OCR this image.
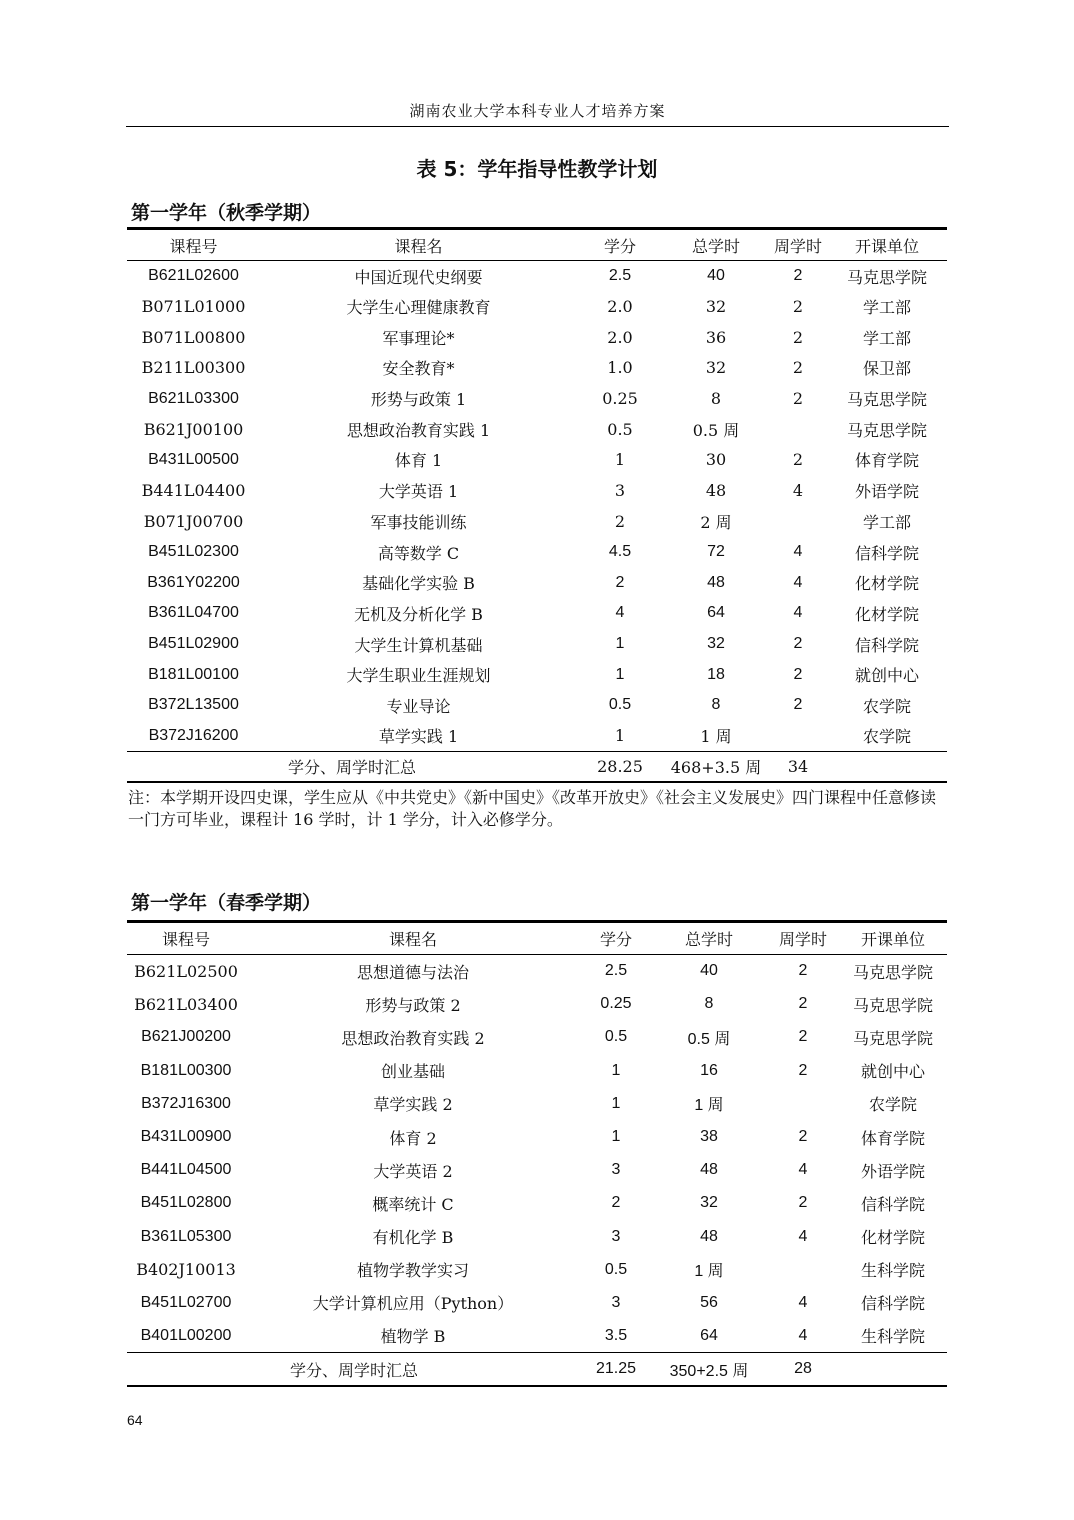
湖南农业大学本科专业人才培养方案
表 5：学年指导性教学计划
第一学年（秋季学期）
课程号	课程名	学分	总学时	周学时	开课单位
B621L02600	中国近现代史纲要	2.5	40	2	马克思学院
B071L01000	大学生心理健康教育	2.0	32	2	学工部
B071L00800	军事理论*	2.0	36	2	学工部
B211L00300	安全教育*	1.0	32	2	保卫部
B621L03300	形势与政策 1	0.25	8	2	马克思学院
B621J00100	思想政治教育实践 1	0.5	0.5 周		马克思学院
B431L00500	体育 1	1	30	2	体育学院
B441L04400	大学英语 1	3	48	4	外语学院
B071J00700	军事技能训练	2	2 周		学工部
B451L02300	高等数学 C	4.5	72	4	信科学院
B361Y02200	基础化学实验 B	2	48	4	化材学院
B361L04700	无机及分析化学 B	4	64	4	化材学院
B451L02900	大学生计算机基础	1	32	2	信科学院
B181L00100	大学生职业生涯规划	1	18	2	就创中心
B372L13500	专业导论	0.5	8	2	农学院
B372J16200	草学实践 1	1	1 周		农学院
学分、周学时汇总		28.25	468+3.5 周	34	
注：本学期开设四史课，学生应从《中共党史》《新中国史》《改革开放史》《社会主义发展史》四门课程中任意修读一门方可毕业，课程计 16 学时，计 1 学分，计入必修学分。
第一学年（春季学期）
课程号	课程名	学分	总学时	周学时	开课单位
B621L02500	思想道德与法治	2.5	40	2	马克思学院
B621L03400	形势与政策 2	0.25	8	2	马克思学院
B621J00200	思想政治教育实践 2	0.5	0.5 周	2	马克思学院
B181L00300	创业基础	1	16	2	就创中心
B372J16300	草学实践 2	1	1 周		农学院
B431L00900	体育 2	1	38	2	体育学院
B441L04500	大学英语 2	3	48	4	外语学院
B451L02800	概率统计 C	2	32	2	信科学院
B361L05300	有机化学 B	3	48	4	化材学院
B402J10013	植物学教学实习	0.5	1 周		生科学院
B451L02700	大学计算机应用（Python）	3	56	4	信科学院
B401L00200	植物学 B	3.5	64	4	生科学院
学分、周学时汇总		21.25	350+2.5 周	28	
64
